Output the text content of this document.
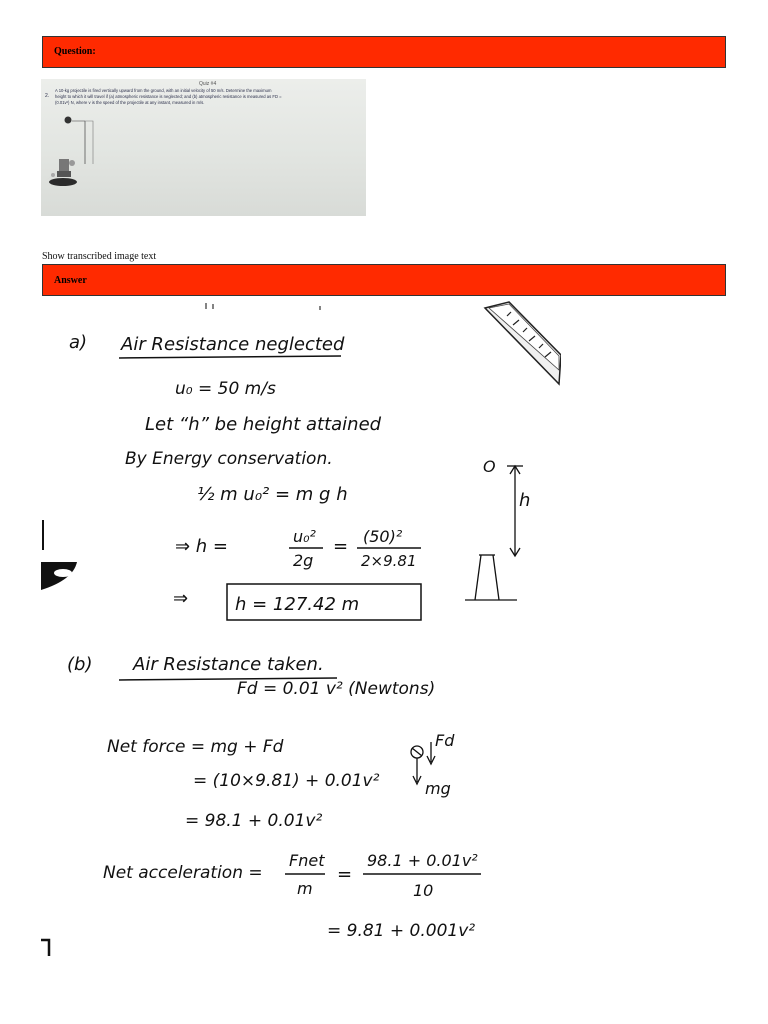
Question:
Quiz #4
2.
A 10-kg projectile is fired vertically upward from the ground, with an initial velocity of 50 m/s. Determine the maximum
height to which it will travel if (a) atmospheric resistance is neglected; and (b) atmospheric resistance is measured as FD =
(0.01v²) N, where v is the speed of the projectile at any instant, measured in m/s.
Show transcribed image text
Answer
a) Air Resistance neglected
u₀ = 50 m/s
Let “h” be height attained
By Energy conservation.
½ m u₀² = m g h
⇒ h =	u₀²
2g
= (50)²
2×9.81
⇒	h = 127.42 m
O
h
(b) Air Resistance taken.
Fd = 0.01 v² (Newtons)
Net force = mg + Fd
= (10×9.81) + 0.01v²
= 98.1 + 0.01v²
Fd
mg
Net acceleration =
Fnet
m
=
98.1 + 0.01v²
10
= 9.81 + 0.001v²
